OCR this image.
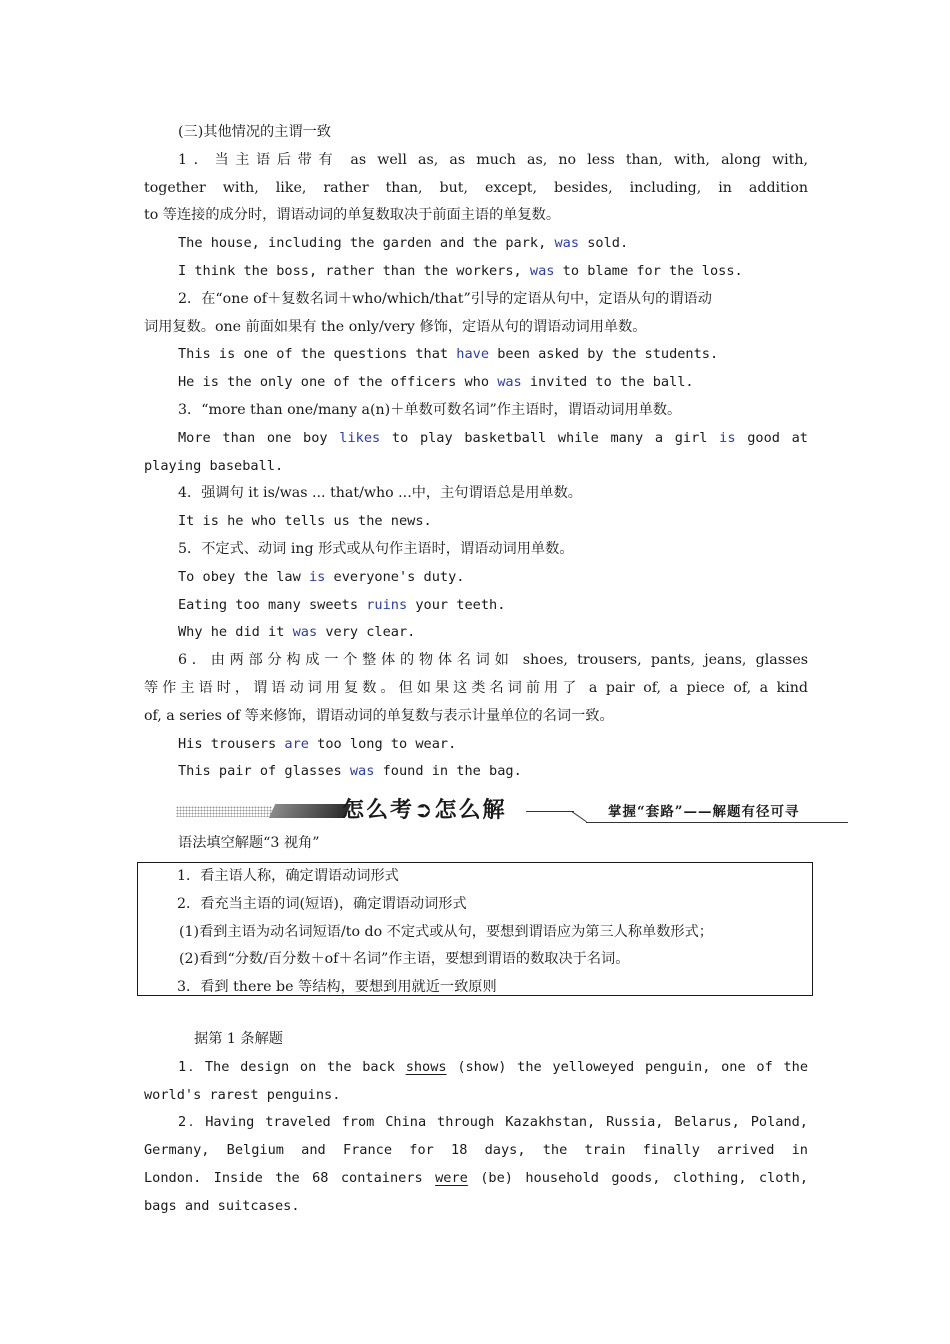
(三)其他情况的主谓一致
1．当主语后带有 as well as, as much as, no less than, with, along with,
together with, like, rather than, but, except, besides, including, in addition
to 等连接的成分时，谓语动词的单复数取决于前面主语的单复数。
The house, including the garden and the park, was sold.
I think the boss, rather than the workers, was to blame for the loss.
2．在“one of＋复数名词＋who/which/that”引导的定语从句中，定语从句的谓语动
词用复数。one 前面如果有 the only/very 修饰，定语从句的谓语动词用单数。
This is one of the questions that have been asked by the students.
He is the only one of the officers who was invited to the ball.
3．“more than one/many a(n)＋单数可数名词”作主语时，谓语动词用单数。
More than one boy likes to play basketball while many a girl is good at
playing baseball.
4．强调句 it is/was ... that/who ...中，主句谓语总是用单数。
It is he who tells us the news.
5．不定式、动词 ing 形式或从句作主语时，谓语动词用单数。
To obey the law is everyone's duty.
Eating too many sweets ruins your teeth.
Why he did it was very clear.
6．由两部分构成一个整体的物体名词如 shoes, trousers, pants, jeans, glasses
等作主语时，谓语动词用复数。但如果这类名词前用了 a pair of, a piece of, a kind
of, a series of 等来修饰，谓语动词的单复数与表示计量单位的名词一致。
His trousers are too long to wear.
This pair of glasses was found in the bag.
怎么考➲怎么解	掌握“套路”——解题有径可寻
语法填空解题“3 视角”
1．看主语人称，确定谓语动词形式
2．看充当主语的词(短语)，确定谓语动词形式
(1)看到主语为动名词短语/to do 不定式或从句，要想到谓语应为第三人称单数形式；
(2)看到“分数/百分数＋of＋名词”作主语，要想到谓语的数取决于名词。
3．看到 there be 等结构，要想到用就近一致原则
据第 1 条解题
1．The design on the back shows (show) the yelloweyed penguin, one of the
world's rarest penguins.
2．Having traveled from China through Kazakhstan, Russia, Belarus, Poland,
Germany, Belgium and France for 18 days, the train finally arrived in
London. Inside the 68 containers were (be) household goods, clothing, cloth,
bags and suitcases.
